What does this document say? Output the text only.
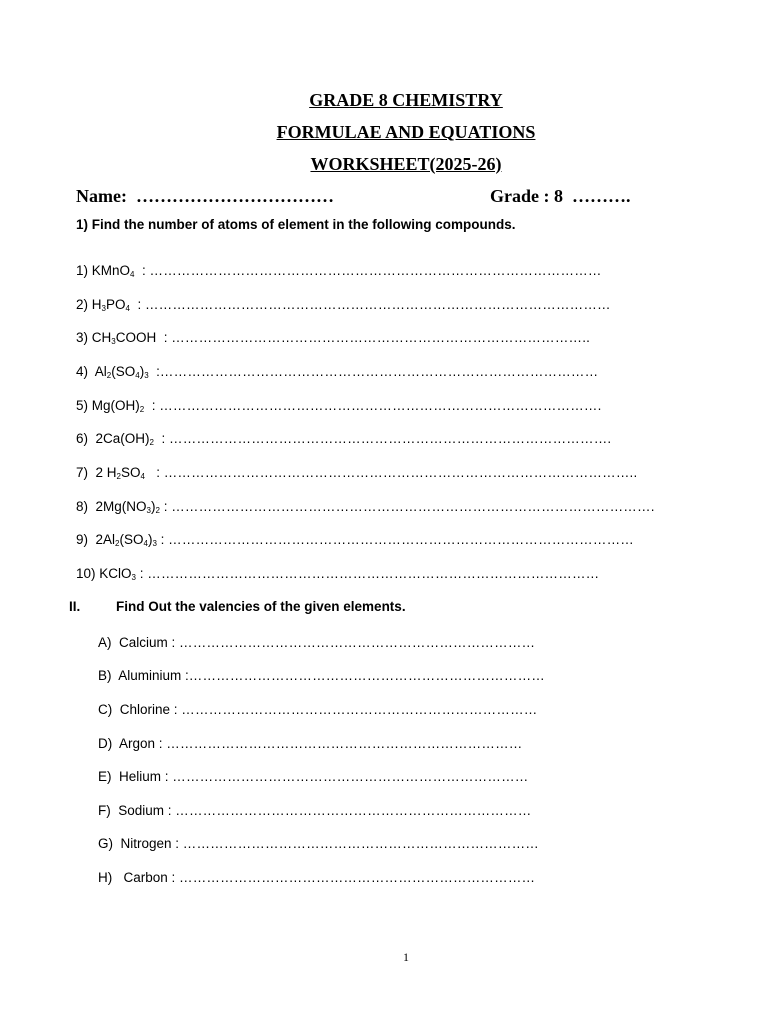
GRADE 8 CHEMISTRY
FORMULAE AND EQUATIONS
WORKSHEET(2025-26)
Name: ……………………………	Grade : 8 ……….
1) Find the number of atoms of element in the following compounds.
1) KMnO$_4$  : ………………………………………………………………………………………
2) $H_3PO_4$  : …………………………………………………………………………………………
3) $CH_3COOH$  : ………………………………………………………………………………..
4)  $Al_2(SO_4)_3$  :……………………………………………………………………………………
5) $Mg(OH)_2$  : …………………………………………………………………………………….
6)  $2Ca(OH)_2$  : …………………………………………………………………………………….
7)  2 $H_2SO_4$   : …………………………………………………………………………………………..
8)  $2Mg(NO_3)_2$ : …………………………………………………………………………………………….
9)  $2Al_2(SO_4)_3$ : …………………………………………………………………………………………
10) KClO$_3$ : ………………………………………………………………………………………
II.	Find Out the valencies of the given elements.
A)  Calcium : ……………………………………………………………………
B)  Aluminium :……………………………………………………………………
C)  Chlorine : ……………………………………………………………………
D)  Argon : ……………………………………………………………………
E)  Helium : ……………………………………………………………………
F)  Sodium : ……………………………………………………………………
G)  Nitrogen : ……………………………………………………………………
H)   Carbon : ……………………………………………………………………
1
